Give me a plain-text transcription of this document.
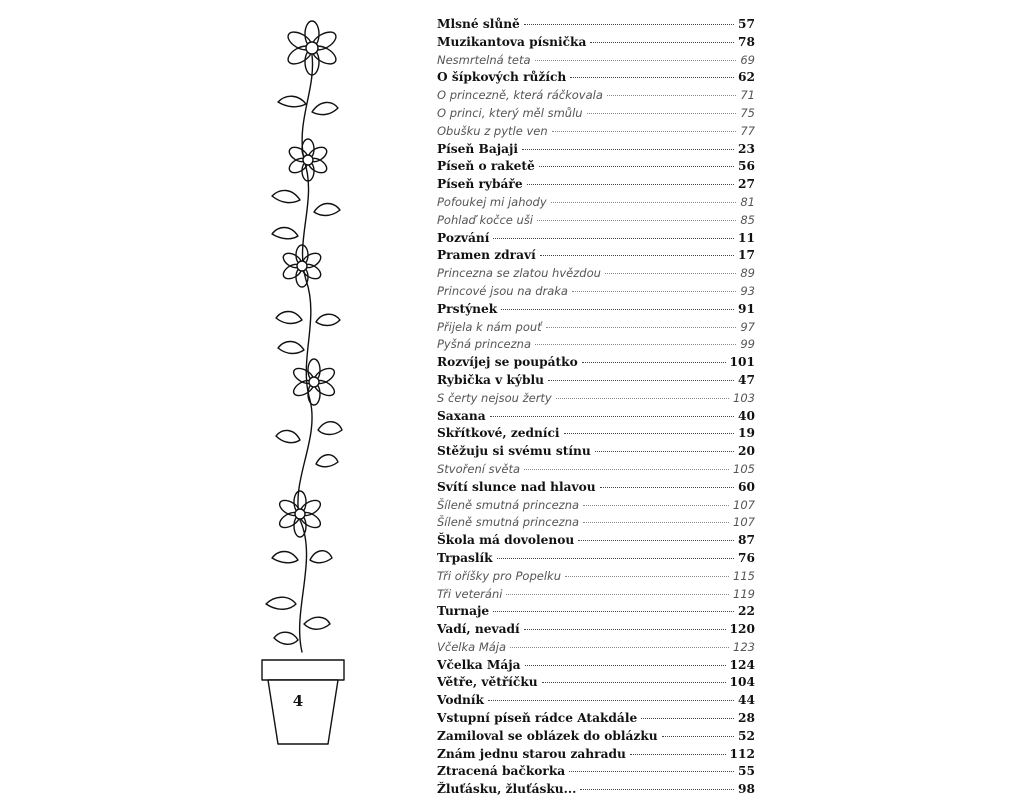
4
Mlsné slůně	57
Muzikantova písnička	78
Nesmrtelná teta	69
O šípkových růžích	62
O princezně, která ráčkovala	71
O princi, který měl smůlu	75
Obušku z pytle ven	77
Píseň Bajaji	23
Píseň o raketě	56
Píseň rybáře	27
Pofoukej mi jahody	81
Pohlaď kočce uši	85
Pozvání	11
Pramen zdraví	17
Princezna se zlatou hvězdou	89
Princové jsou na draka	93
Prstýnek	91
Přijela k nám pouť	97
Pyšná princezna	99
Rozvíjej se poupátko	101
Rybička v kýblu	47
S čerty nejsou žerty	103
Saxana	40
Skřítkové, zedníci	19
Stěžuju si svému stínu	20
Stvoření světa	105
Svítí slunce nad hlavou	60
Šíleně smutná princezna	107
Šíleně smutná princezna	107
Škola má dovolenou	87
Trpaslík	76
Tři oříšky pro Popelku	115
Tři veteráni	119
Turnaje	22
Vadí, nevadí	120
Včelka Mája	123
Včelka Mája	124
Větře, větříčku	104
Vodník	44
Vstupní píseň rádce Atakdále	28
Zamiloval se oblázek do oblázku	52
Znám jednu starou zahradu	112
Ztracená bačkorka	55
Žluťásku, žluťásku...	98
